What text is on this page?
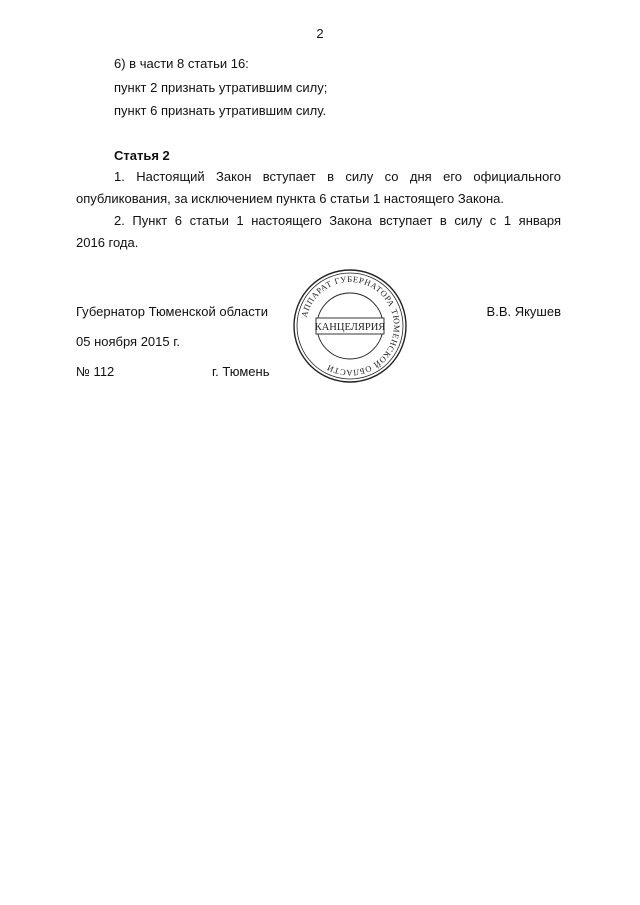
2
6) в части 8 статьи 16:
пункт 2 признать утратившим силу;
пункт 6 признать утратившим силу.
Статья 2
1. Настоящий Закон вступает в силу со дня его официального
опубликования, за исключением пункта 6 статьи 1 настоящего Закона.
2. Пункт 6 статьи 1 настоящего Закона вступает в силу с 1 января
2016 года.
Губернатор Тюменской области	В.В. Якушев
05 ноября 2015 г.
№ 112	г. Тюмень
АППАРАТ ГУБЕРНАТОРА ТЮМЕНСКОЙ ОБЛАСТИ
КАНЦЕЛЯРИЯ
